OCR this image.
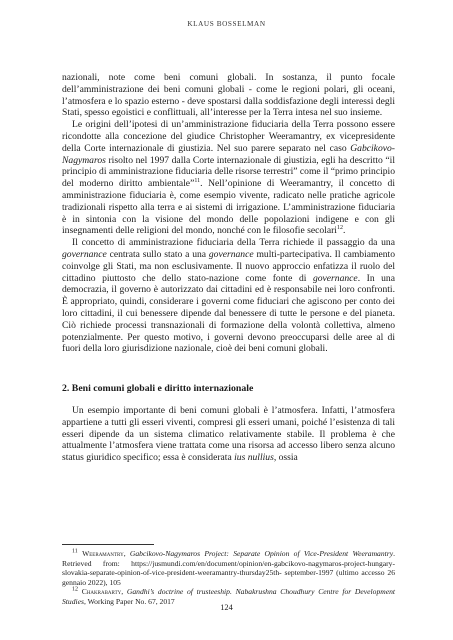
KLAUS BOSSELMAN

nazionali, note come beni comuni globali. In sostanza, il punto focale dell’amministrazione dei beni comuni globali - come le regioni polari, gli oceani, l’atmosfera e lo spazio esterno - deve spostarsi dalla soddisfazione degli interessi degli Stati, spesso egoistici e conflittuali, all’interesse per la Terra intesa nel suo insieme.

Le origini dell’ipotesi di un’amministrazione fiduciaria della Terra possono essere ricondotte alla concezione del giudice Christopher Weeramantry, ex vicepresidente della Corte internazionale di giustizia. Nel suo parere separato nel caso Gabcikovo-Nagymaros risolto nel 1997 dalla Corte internazionale di giustizia, egli ha descritto “il principio di amministrazione fiduciaria delle risorse terrestri” come il “primo principio del moderno diritto ambientale”$^{11}$. Nell’opinione di Weeramantry, il concetto di amministrazione fiduciaria è, come esempio vivente, radicato nelle pratiche agricole tradizionali rispetto alla terra e ai sistemi di irrigazione. L’amministrazione fiduciaria è in sintonia con la visione del mondo delle popolazioni indigene e con gli insegnamenti delle religioni del mondo, nonché con le filosofie secolari$^{12}$.

Il concetto di amministrazione fiduciaria della Terra richiede il passaggio da una governance centrata sullo stato a una governance multi-partecipativa. Il cambiamento coinvolge gli Stati, ma non esclusivamente. Il nuovo approccio enfatizza il ruolo del cittadino piuttosto che dello stato-nazione come fonte di governance. In una democrazia, il governo è autorizzato dai cittadini ed è responsabile nei loro confronti. È appropriato, quindi, considerare i governi come fiduciari che agiscono per conto dei loro cittadini, il cui benessere dipende dal benessere di tutte le persone e del pianeta. Ciò richiede processi transnazionali di formazione della volontà collettiva, almeno potenzialmente. Per questo motivo, i governi devono preoccuparsi delle aree al di fuori della loro giurisdizione nazionale, cioè dei beni comuni globali.

2. Beni comuni globali e diritto internazionale

Un esempio importante di beni comuni globali è l’atmosfera. Infatti, l’atmosfera appartiene a tutti gli esseri viventi, compresi gli esseri umani, poiché l’esistenza di tali esseri dipende da un sistema climatico relativamente stabile. Il problema è che attualmente l’atmosfera viene trattata come una risorsa ad accesso libero senza alcuno status giuridico specifico; essa è considerata ius nullius, ossia

$^{11}$ Weeramantry, Gabcikovo-Nagymaros Project: Separate Opinion of Vice-President Weeramantry. Retrieved from: https://jusmundi.com/en/document/opinion/en-gabcikovo-nagymaros-project-hungary-slovakia-separate-opinion-of-vice-president-weeramantry-thursday25th- september-1997 (ultimo accesso 26 gennaio 2022), 105

$^{12}$ Chakrabarty, Gandhi’s doctrine of trusteeship. Nabakrushna Choudhury Centre for Development Studies, Working Paper No. 67, 2017

124
